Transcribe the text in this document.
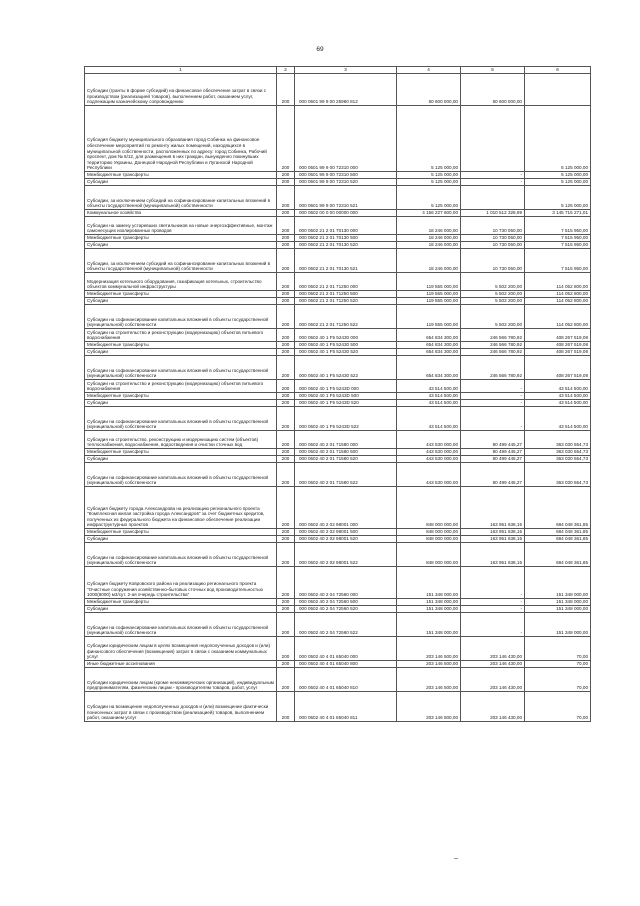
69
1	2	3	4	5	6
Субсидии (гранты в форме субсидий) на финансовое обеспечение затрат в связи с производством (реализацией товаров), выполнением работ, оказанием услуг, подлежащим казначейскому сопровождению	200	000 0501 99 9 00 25960 812	60 600 000,00	60 600 000,00	
Субсидия бюджету муниципального образования город Собинка на финансовое обеспечение мероприятий по ремонту жилых помещений, находящихся в муниципальной собственности, расположенных по адресу: город Собинка, Рабочий проспект, дом № 6/12, для размещения в них граждан, вынужденно покинувших территорию Украины, Донецкой Народной Республики и Луганской Народной Республики	200	000 0501 99 9 00 72310 000	5 125 000,00		5 125 000,00
Межбюджетные трансферты	200	000 0501 99 9 00 72310 500	5 125 000,00	-	5 125 000,00
Субсидии	200	000 0501 99 9 00 72310 520	5 125 000,00	-	5 125 000,00
Субсидии, за исключением субсидий на софинансирование капитальных вложений в объекты государственной (муниципальной) собственности	200	000 0501 99 9 00 72310 521	5 125 000,00		5 125 000,00
Коммунальное хозяйство	200	000 0502 00 0 00 00000 000	4 156 227 600,00	1 010 512 328,99	3 145 715 271,01
Субсидии на замену устаревших светильников на новые энергоэффективные, монтаж самонесущих изолированных проводов	200	000 0502 21 2 01 70130 000	18 246 000,00	10 730 050,00	7 515 950,00
Межбюджетные трансферты	200	000 0502 21 2 01 70130 500	18 246 000,00	10 730 050,00	7 515 950,00
Субсидии	200	000 0502 21 2 01 70130 520	18 246 000,00	10 730 050,00	7 515 950,00
Субсидии, за исключением субсидий на софинансирование капитальных вложений в объекты государственной (муниципальной) собственности	200	000 0502 21 2 01 70130 521	18 246 000,00	10 730 050,00	7 515 950,00
Модернизация котельного оборудования, газификация котельных, строительство объектов коммунальной инфраструктуры	200	000 0502 21 2 01 71250 000	119 555 000,00	5 502 200,00	114 052 800,00
Межбюджетные трансферты	200	000 0502 21 2 01 71250 500	119 555 000,00	5 502 200,00	114 052 800,00
Субсидии	200	000 0502 21 2 01 71250 520	119 555 000,00	5 502 200,00	114 052 800,00
Субсидии на софинансирование капитальных вложений в объекты государственной (муниципальной) собственности	200	000 0502 21 2 01 71250 522	119 555 000,00	5 502 200,00	114 052 800,00
Субсидии на строительство и реконструкцию (модернизацию) объектов питьевого водоснабжения	200	000 0502 40 1 F5 52430 000	654 834 300,00	246 566 780,92	408 267 519,08
Межбюджетные трансферты	200	000 0502 40 1 F5 52430 500	654 834 300,00	246 566 780,92	408 267 519,08
Субсидии	200	000 0502 40 1 F5 52430 520	654 834 300,00	246 566 780,92	408 267 519,08
Субсидии на софинансирование капитальных вложений в объекты государственной (муниципальной) собственности	200	000 0502 40 1 F5 52430 522	654 834 300,00	246 566 780,92	408 267 519,08
Субсидии на строительство и реконструкцию (модернизацию) объектов питьевого водоснабжения	200	000 0502 40 1 F5 5243D 000	43 514 500,00	-	43 514 500,00
Межбюджетные трансферты	200	000 0502 40 1 F5 5243D 500	43 514 500,00	-	43 514 500,00
Субсидии	200	000 0502 40 1 F5 5243D 520	43 514 500,00	-	43 514 500,00
Субсидии на софинансирование капитальных вложений в объекты государственной (муниципальной) собственности	200	000 0502 40 1 F5 5243D 522	43 514 500,00	-	43 514 500,00
Субсидия на строительство, реконструкцию и модернизацию систем (объектов) теплоснабжения, водоснабжения, водоотведения и очистки сточных вод	200	000 0502 40 2 01 71580 000	443 530 000,00	80 499 445,27	363 030 554,73
Межбюджетные трансферты	200	000 0502 40 2 01 71580 500	443 530 000,00	80 499 445,27	363 030 554,73
Субсидии	200	000 0502 40 2 01 71580 520	443 530 000,00	80 499 445,27	363 030 554,73
Субсидии на софинансирование капитальных вложений в объекты государственной (муниципальной) собственности	200	000 0502 40 2 01 71580 522	443 530 000,00	80 499 445,27	363 030 554,73
Субсидия бюджету города Александрова на реализацию регионального проекта "Комплексная жилая застройка города Александров" за счет бюджетных кредитов, полученных из федерального бюджета на финансовое обеспечение реализации инфраструктурных проектов	200	000 0502 40 2 02 98001 000	848 000 000,00	163 951 638,15	684 048 361,85
Межбюджетные трансферты	200	000 0502 40 2 02 98001 500	848 000 000,00	163 951 638,15	684 048 361,85
Субсидии	200	000 0502 40 2 02 98001 520	848 000 000,00	163 951 638,15	684 048 361,85
Субсидии на софинансирование капитальных вложений в объекты государственной (муниципальной) собственности	200	000 0502 40 2 02 98001 522	848 000 000,00	163 951 638,15	684 048 361,85
Субсидия бюджету Ковровского района на реализацию регионального проекта "Очистные сооружения хозяйственно-бытовых сточных вод производительностью 1000(6000) м3/сут. 2-ая очередь строительства"	200	000 0502 40 2 04 72560 000	151 348 000,00	-	151 348 000,00
Межбюджетные трансферты	200	000 0502 40 2 04 72560 500	151 348 000,00	-	151 348 000,00
Субсидии	200	000 0502 40 2 04 72560 520	151 348 000,00	-	151 348 000,00
Субсидии на софинансирование капитальных вложений в объекты государственной (муниципальной) собственности	200	000 0502 40 2 04 72560 522	151 348 000,00	-	151 348 000,00
Субсидии юридическим лицам в целях возмещения недополученных доходов и (или) финансового обеспечения (возмещения) затрат в связи с оказанием коммунальных услуг	200	000 0502 40 4 01 65040 000	203 146 500,00	203 146 430,00	70,00
Иные бюджетные ассигнования	200	000 0502 40 4 01 65040 800	203 146 500,00	203 146 430,00	70,00
Субсидии юридическим лицам (кроме некоммерческих организаций), индивидуальным предпринимателям, физическим лицам - производителям товаров, работ, услуг	200	000 0502 40 4 01 65040 810	203 146 500,00	203 146 430,00	70,00
Субсидии на возмещение недополученных доходов и (или) возмещение фактически понесенных затрат в связи с производством (реализацией) товаров, выполнением работ, оказанием услуг	200	000 0502 40 4 01 65040 811	203 146 500,00	203 146 430,00	70,00
